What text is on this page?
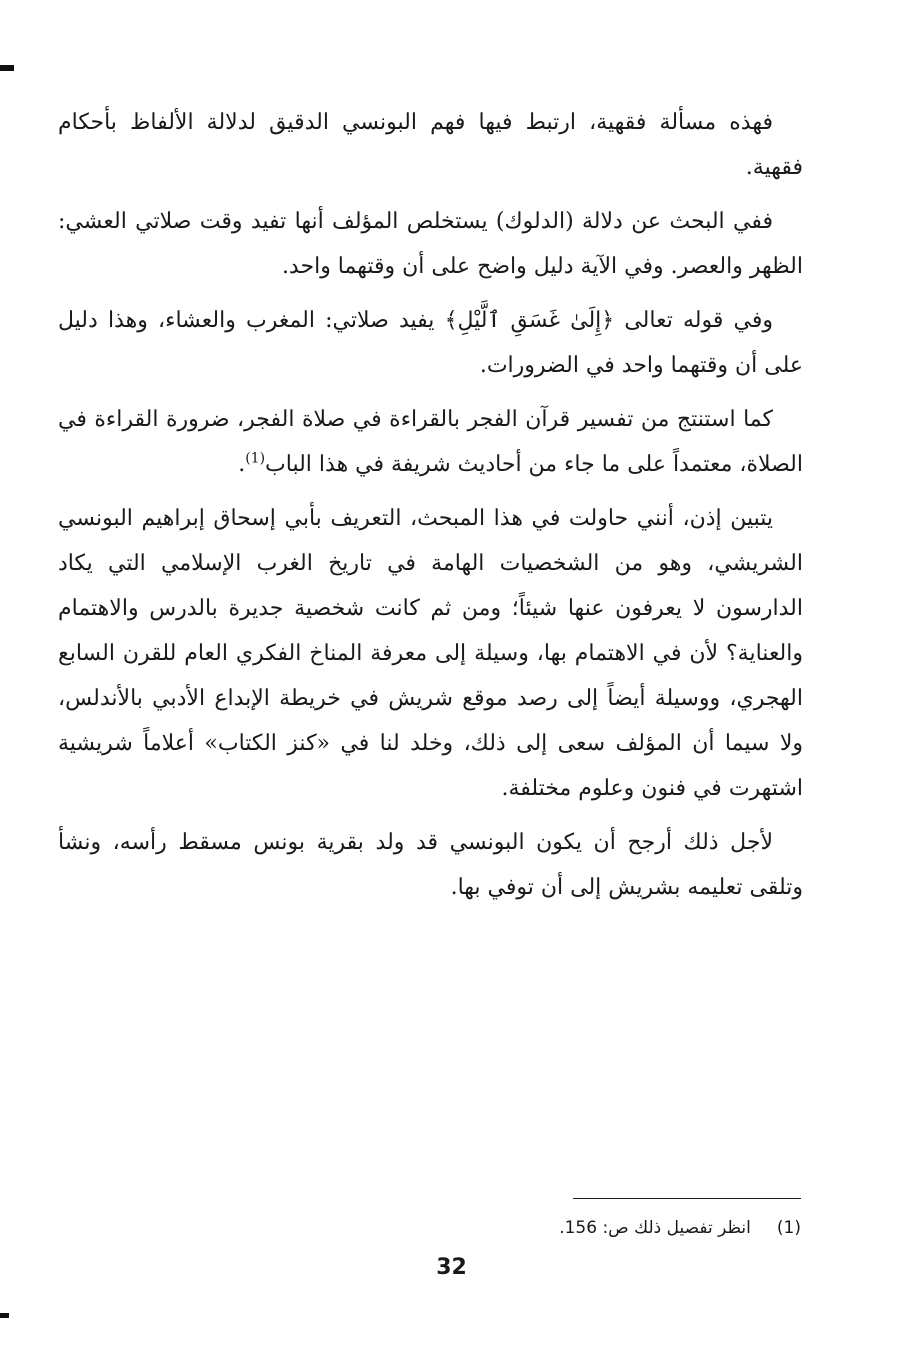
فهذه مسألة فقهية، ارتبط فيها فهم البونسي الدقيق لدلالة الألفاظ بأحكام فقهية.

ففي البحث عن دلالة (الدلوك) يستخلص المؤلف أنها تفيد وقت صلاتي العشي: الظهر والعصر. وفي الآية دليل واضح على أن وقتهما واحد.

وفي قوله تعالى ﴿إِلَىٰ غَسَقِ ٱلَّيْلِ﴾ يفيد صلاتي: المغرب والعشاء، وهذا دليل على أن وقتهما واحد في الضرورات.

كما استنتج من تفسير قرآن الفجر بالقراءة في صلاة الفجر، ضرورة القراءة في الصلاة، معتمداً على ما جاء من أحاديث شريفة في هذا الباب$^{(1)}$.

يتبين إذن، أنني حاولت في هذا المبحث، التعريف بأبي إسحاق إبراهيم البونسي الشريشي، وهو من الشخصيات الهامة في تاريخ الغرب الإسلامي التي يكاد الدارسون لا يعرفون عنها شيئاً؛ ومن ثم كانت شخصية جديرة بالدرس والاهتمام والعناية؟ لأن في الاهتمام بها، وسيلة إلى معرفة المناخ الفكري العام للقرن السابع الهجري، ووسيلة أيضاً إلى رصد موقع شريش في خريطة الإبداع الأدبي بالأندلس، ولا سيما أن المؤلف سعى إلى ذلك، وخلد لنا في «كنز الكتاب» أعلاماً شريشية اشتهرت في فنون وعلوم مختلفة.

لأجل ذلك أرجح أن يكون البونسي قد ولد بقرية بونس مسقط رأسه، ونشأ وتلقى تعليمه بشريش إلى أن توفي بها.

(1)انظر تفصيل ذلك ص: 156.
32
